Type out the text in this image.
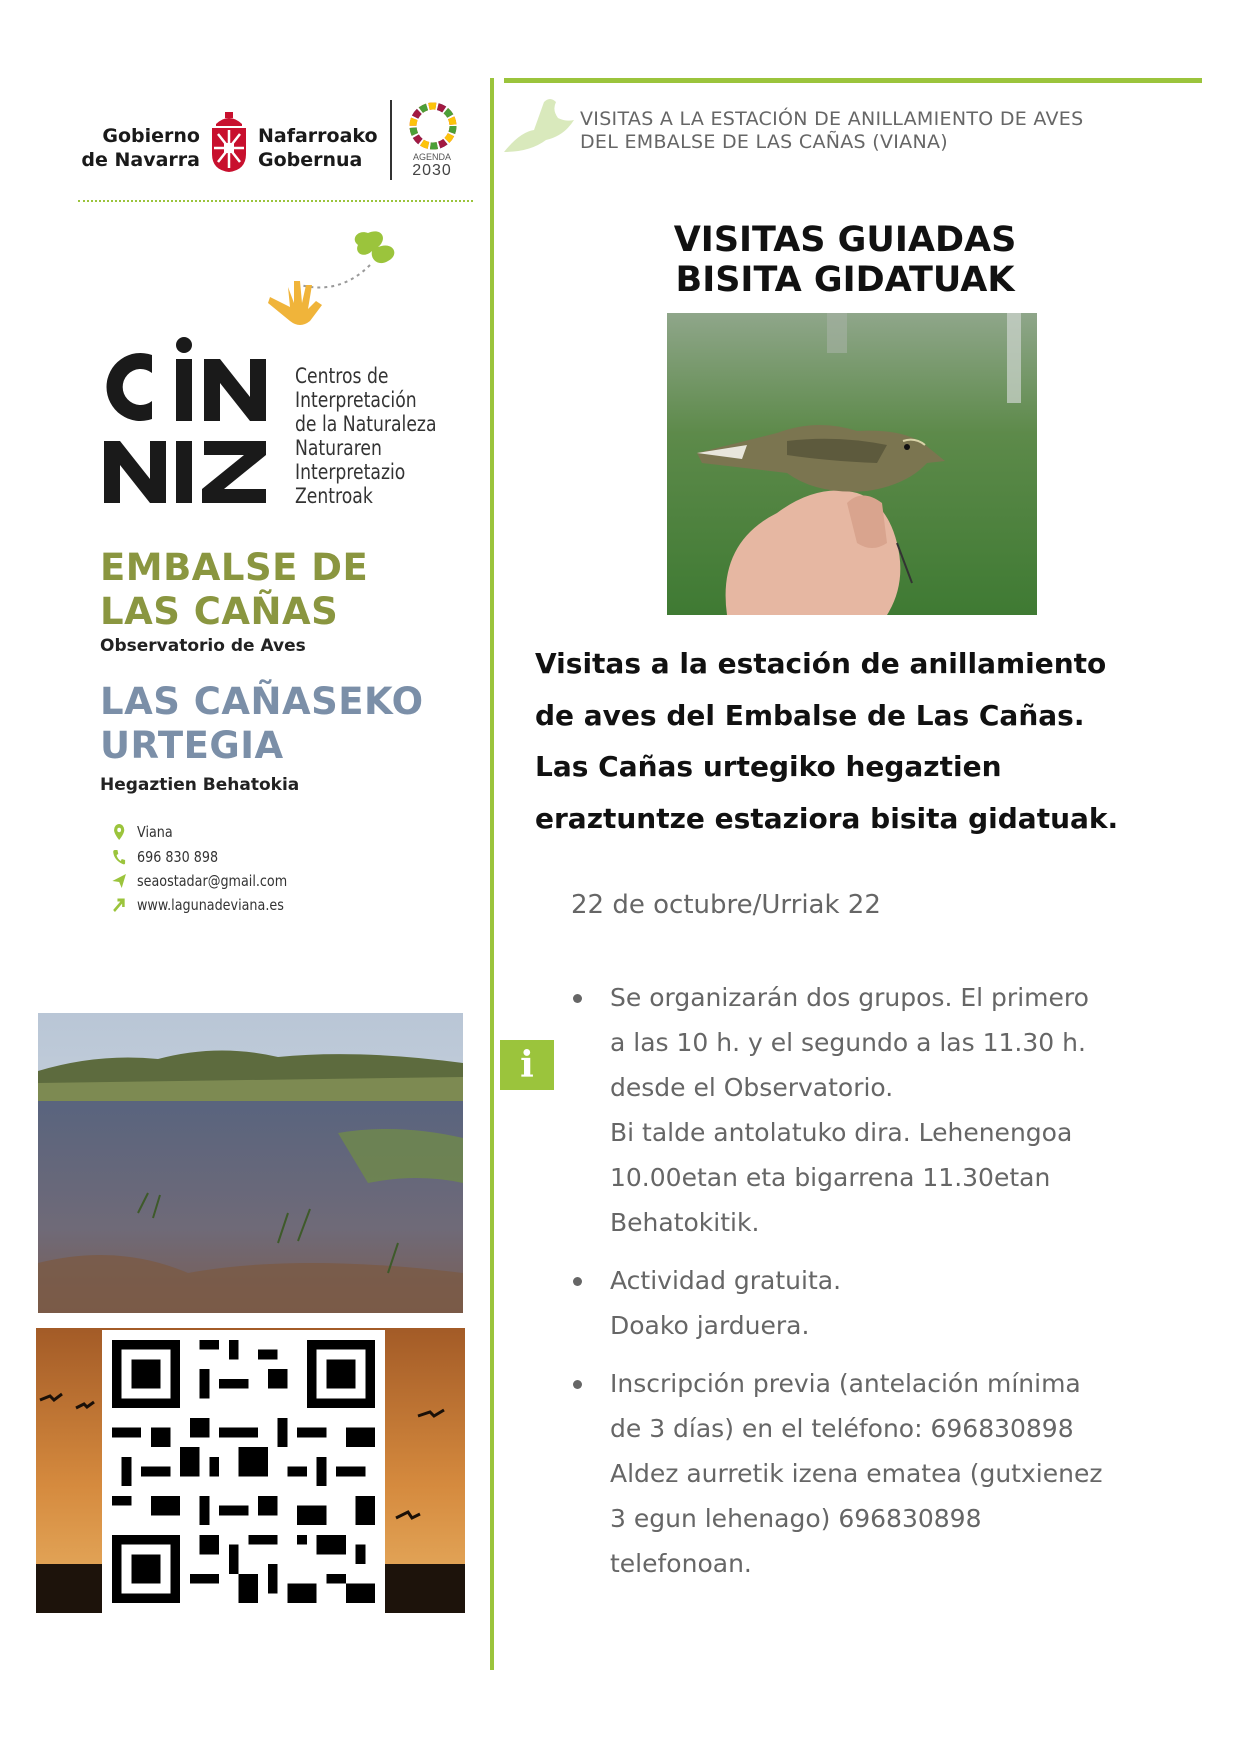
Gobierno
de Navarra
Nafarroako
Gobernua	AGENDA
2030
Centros de
Interpretación
de la Naturaleza
Naturaren
Interpretazio
Zentroak
EMBALSE DE
LAS CAÑAS
Observatorio de Aves
LAS CAÑASEKO
URTEGIA
Hegaztien Behatokia
Viana
696 830 898
seaostadar@gmail.com
www.lagunadeviana.es
VISITAS A LA ESTACIÓN DE ANILLAMIENTO DE AVES
DEL EMBALSE DE LAS CAÑAS (VIANA)
VISITAS GUIADAS
BISITA GIDATUAK
Visitas a la estación de anillamiento
de aves del Embalse de Las Cañas.
Las Cañas urtegiko hegaztien
eraztuntze estaziora bisita gidatuak.
22 de octubre/Urriak 22
i
Se organizarán dos grupos. El primero
a las 10 h. y el segundo a las 11.30 h.
desde el Observatorio.
Bi talde antolatuko dira. Lehenengoa
10.00etan eta bigarrena 11.30etan
Behatokitik.
Actividad gratuita.
Doako jarduera.
Inscripción previa (antelación mínima
de 3 días) en el teléfono: 696830898
Aldez aurretik izena ematea (gutxienez
3 egun lehenago) 696830898
telefonoan.
